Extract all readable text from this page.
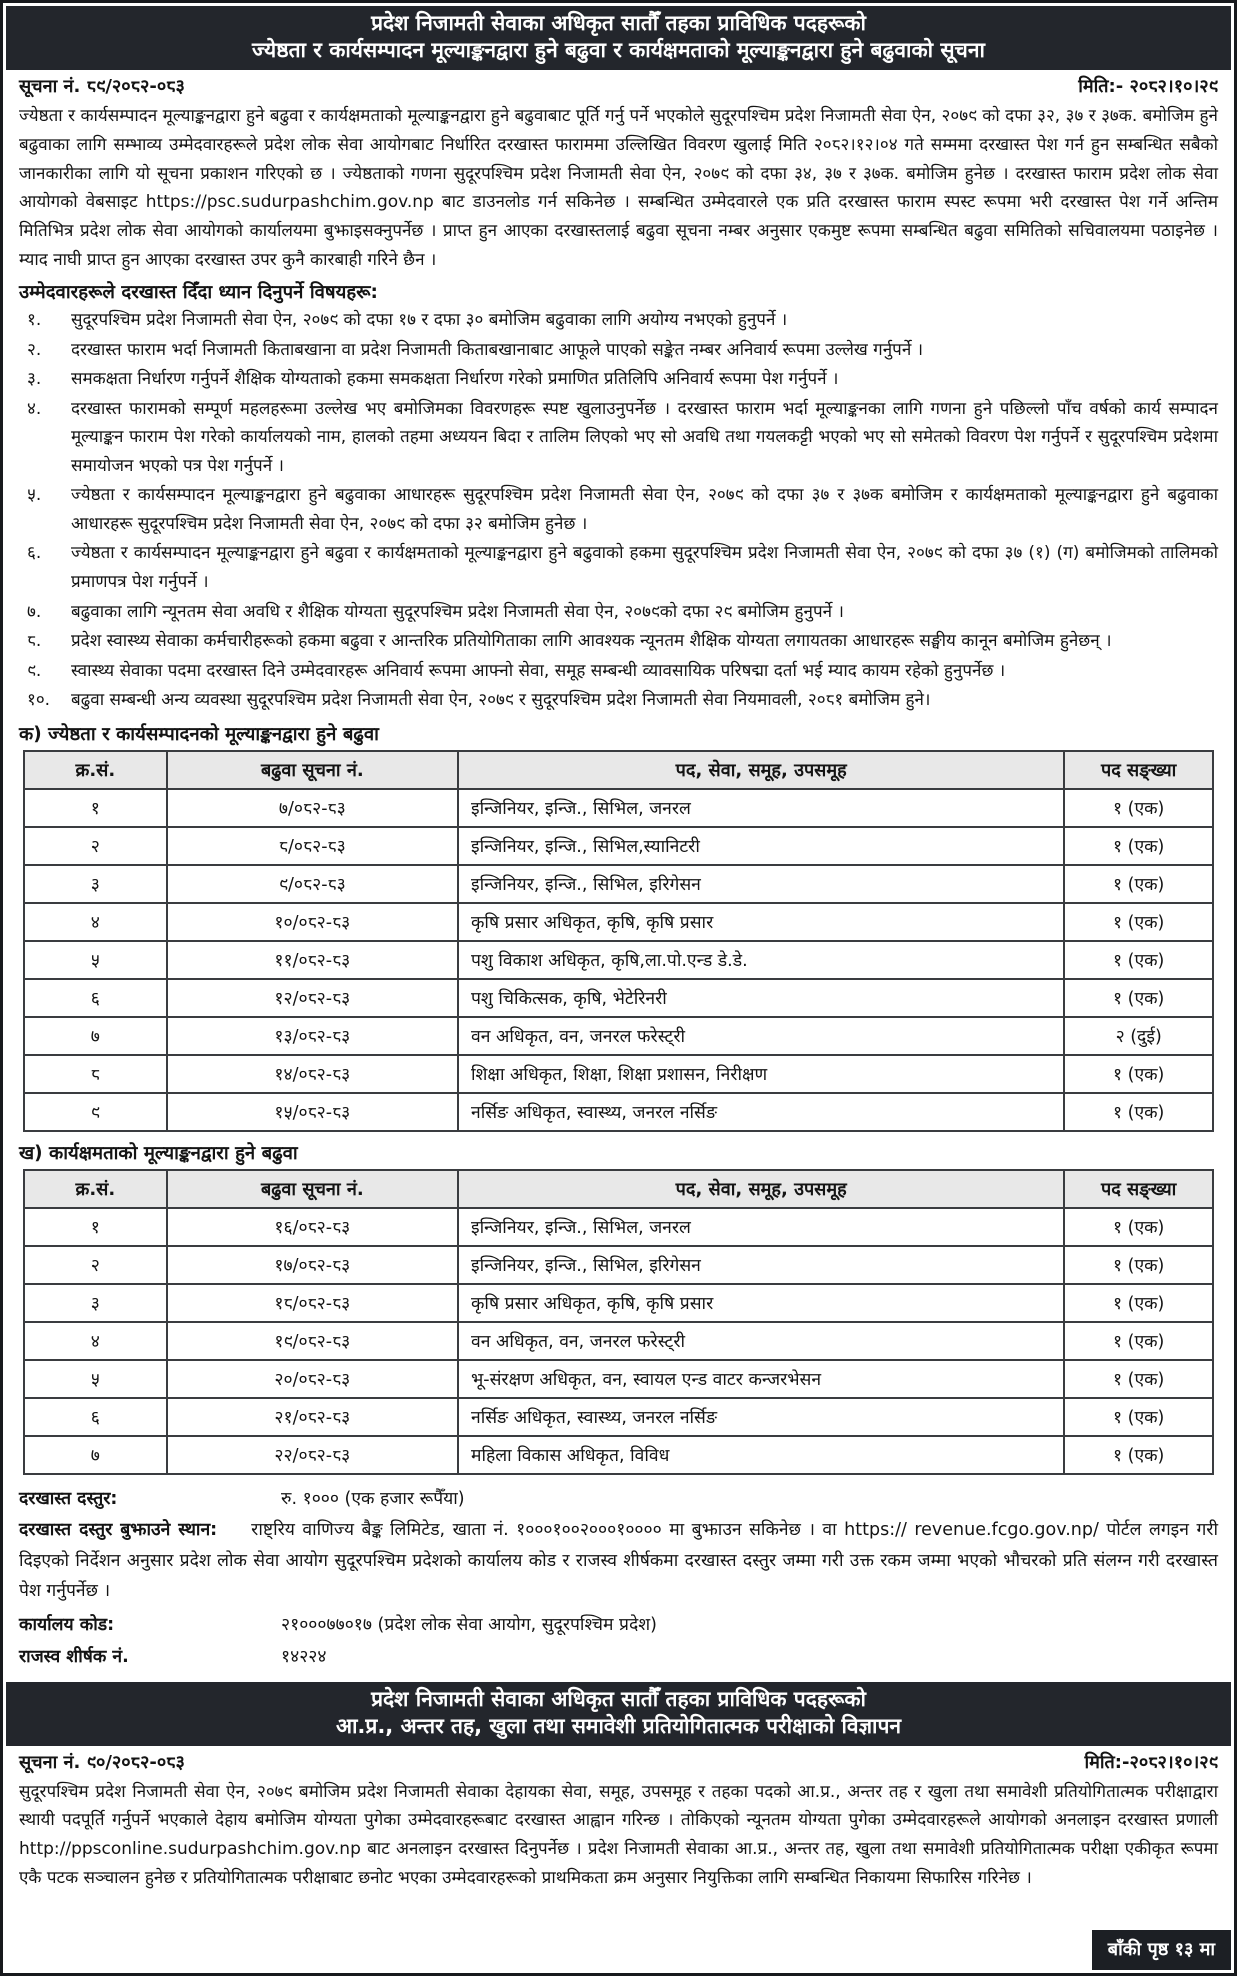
प्रदेश निजामती सेवाका अधिकृत सातौँ तहका प्राविधिक पदहरूको
ज्येष्ठता र कार्यसम्पादन मूल्याङ्कनद्वारा हुने बढुवा र कार्यक्षमताको मूल्याङ्कनद्वारा हुने बढुवाको सूचना
सूचना नं. ८९/२०८२-०८३	मिति:- २०८२।१०।२९

ज्येष्ठता र कार्यसम्पादन मूल्याङ्कनद्वारा हुने बढुवा र कार्यक्षमताको मूल्याङ्कनद्वारा हुने बढुवाबाट पूर्ति गर्नु पर्ने भएकोले सुदूरपश्चिम प्रदेश निजामती सेवा ऐन, २०७९ को दफा ३२, ३७ र ३७क. बमोजिम हुने बढुवाका लागि सम्भाव्य उम्मेदवारहरूले प्रदेश लोक सेवा आयोगबाट निर्धारित दरखास्त फाराममा उल्लिखित विवरण खुलाई मिति २०८२।१२।०४ गते सम्ममा दरखास्त पेश गर्न हुन सम्बन्धित सबैको जानकारीका लागि यो सूचना प्रकाशन गरिएको छ । ज्येष्ठताको गणना सुदूरपश्चिम प्रदेश निजामती सेवा ऐन, २०७९ को दफा ३४, ३७ र ३७क. बमोजिम हुनेछ । दरखास्त फाराम प्रदेश लोक सेवा आयोगको वेबसाइट https://psc.sudurpashchim.gov.np बाट डाउनलोड गर्न सकिनेछ । सम्बन्धित उम्मेदवारले एक प्रति दरखास्त फाराम स्पस्ट रूपमा भरी दरखास्त पेश गर्ने अन्तिम मितिभित्र प्रदेश लोक सेवा आयोगको कार्यालयमा बुझाइसक्नुपर्नेछ । प्राप्त हुन आएका दरखास्तलाई बढुवा सूचना नम्बर अनुसार एकमुष्ट रूपमा सम्बन्धित बढुवा समितिको सचिवालयमा पठाइनेछ । म्याद नाघी प्राप्त हुन आएका दरखास्त उपर कुनै कारबाही गरिने छैन ।

उम्मेदवारहरूले दरखास्त दिँदा ध्यान दिनुपर्ने विषयहरू:
१.	सुदूरपश्चिम प्रदेश निजामती सेवा ऐन, २०७९ को दफा १७ र दफा ३० बमोजिम बढुवाका लागि अयोग्य नभएको हुनुपर्ने ।
२.	दरखास्त फाराम भर्दा निजामती किताबखाना वा प्रदेश निजामती किताबखानाबाट आफूले पाएको सङ्केत नम्बर अनिवार्य रूपमा उल्लेख गर्नुपर्ने ।
३.	समकक्षता निर्धारण गर्नुपर्ने शैक्षिक योग्यताको हकमा समकक्षता निर्धारण गरेको प्रमाणित प्रतिलिपि अनिवार्य रूपमा पेश गर्नुपर्ने ।
४.	दरखास्त फारामको सम्पूर्ण महलहरूमा उल्लेख भए बमोजिमका विवरणहरू स्पष्ट खुलाउनुपर्नेछ । दरखास्त फाराम भर्दा मूल्याङ्कनका लागि गणना हुने पछिल्लो पाँच वर्षको कार्य सम्पादन मूल्याङ्कन फाराम पेश गरेको कार्यालयको नाम, हालको तहमा अध्ययन बिदा र तालिम लिएको भए सो अवधि तथा गयलकट्टी भएको भए सो समेतको विवरण पेश गर्नुपर्ने र सुदूरपश्चिम प्रदेशमा समायोजन भएको पत्र पेश गर्नुपर्ने ।
५.	ज्येष्ठता र कार्यसम्पादन मूल्याङ्कनद्वारा हुने बढुवाका आधारहरू सुदूरपश्चिम प्रदेश निजामती सेवा ऐन, २०७९ को दफा ३७ र ३७क बमोजिम र कार्यक्षमताको मूल्याङ्कनद्वारा हुने बढुवाका आधारहरू सुदूरपश्चिम प्रदेश निजामती सेवा ऐन, २०७९ को दफा ३२ बमोजिम हुनेछ ।
६.	ज्येष्ठता र कार्यसम्पादन मूल्याङ्कनद्वारा हुने बढुवा र कार्यक्षमताको मूल्याङ्कनद्वारा हुने बढुवाको हकमा सुदूरपश्चिम प्रदेश निजामती सेवा ऐन, २०७९ को दफा ३७ (१) (ग) बमोजिमको तालिमको प्रमाणपत्र पेश गर्नुपर्ने ।
७.	बढुवाका लागि न्यूनतम सेवा अवधि र शैक्षिक योग्यता सुदूरपश्चिम प्रदेश निजामती सेवा ऐन, २०७९को दफा २९ बमोजिम हुनुपर्ने ।
८.	प्रदेश स्वास्थ्य सेवाका कर्मचारीहरूको हकमा बढुवा र आन्तरिक प्रतियोगिताका लागि आवश्यक न्यूनतम शैक्षिक योग्यता लगायतका आधारहरू सङ्घीय कानून बमोजिम हुनेछन् ।
९.	स्वास्थ्य सेवाका पदमा दरखास्त दिने उम्मेदवारहरू अनिवार्य रूपमा आफ्नो सेवा, समूह सम्बन्धी व्यावसायिक परिषद्मा दर्ता भई म्याद कायम रहेको हुनुपर्नेछ ।
१०.	बढुवा सम्बन्धी अन्य व्यवस्था सुदूरपश्चिम प्रदेश निजामती सेवा ऐन, २०७९ र सुदूरपश्चिम प्रदेश निजामती सेवा नियमावली, २०८१ बमोजिम हुने।
क) ज्येष्ठता र कार्यसम्पादनको मूल्याङ्कनद्वारा हुने बढुवा
क्र.सं.	बढुवा सूचना नं.	पद, सेवा, समूह, उपसमूह	पद सङ्ख्या
१	७/०८२-८३	इन्जिनियर, इन्जि., सिभिल, जनरल	१ (एक)
२	८/०८२-८३	इन्जिनियर, इन्जि., सिभिल,स्यानिटरी	१ (एक)
३	९/०८२-८३	इन्जिनियर, इन्जि., सिभिल, इरिगेसन	१ (एक)
४	१०/०८२-८३	कृषि प्रसार अधिकृत, कृषि, कृषि प्रसार	१ (एक)
५	११/०८२-८३	पशु विकाश अधिकृत, कृषि,ला.पो.एन्ड डे.डे.	१ (एक)
६	१२/०८२-८३	पशु चिकित्सक, कृषि, भेटेरिनरी	१ (एक)
७	१३/०८२-८३	वन अधिकृत, वन, जनरल फरेस्ट्री	२ (दुई)
८	१४/०८२-८३	शिक्षा अधिकृत, शिक्षा, शिक्षा प्रशासन, निरीक्षण	१ (एक)
९	१५/०८२-८३	नर्सिङ अधिकृत, स्वास्थ्य, जनरल नर्सिङ	१ (एक)
ख) कार्यक्षमताको मूल्याङ्कनद्वारा हुने बढुवा
क्र.सं.	बढुवा सूचना नं.	पद, सेवा, समूह, उपसमूह	पद सङ्ख्या
१	१६/०८२-८३	इन्जिनियर, इन्जि., सिभिल, जनरल	१ (एक)
२	१७/०८२-८३	इन्जिनियर, इन्जि., सिभिल, इरिगेसन	१ (एक)
३	१८/०८२-८३	कृषि प्रसार अधिकृत, कृषि, कृषि प्रसार	१ (एक)
४	१९/०८२-८३	वन अधिकृत, वन, जनरल फरेस्ट्री	१ (एक)
५	२०/०८२-८३	भू-संरक्षण अधिकृत, वन, स्वायल एन्ड वाटर कन्जरभेसन	१ (एक)
६	२१/०८२-८३	नर्सिङ अधिकृत, स्वास्थ्य, जनरल नर्सिङ	१ (एक)
७	२२/०८२-८३	महिला विकास अधिकृत, विविध	१ (एक)
दरखास्त दस्तुर:	रु. १००० (एक हजार रूपैँया)

दरखास्त दस्तुर बुझाउने स्थान: राष्ट्रिय वाणिज्य बैङ्क लिमिटेड, खाता नं. १०००१००२०००१०००० मा बुझाउन सकिनेछ । वा https:// revenue.fcgo.gov.np/ पोर्टल लगइन गरी दिइएको निर्देशन अनुसार प्रदेश लोक सेवा आयोग सुदूरपश्चिम प्रदेशको कार्यालय कोड र राजस्व शीर्षकमा दरखास्त दस्तुर जम्मा गरी उक्त रकम जम्मा भएको भौचरको प्रति संलग्न गरी दरखास्त पेश गर्नुपर्नेछ ।

कार्यालय कोड:	२१०००७७०१७ (प्रदेश लोक सेवा आयोग, सुदूरपश्चिम प्रदेश)
राजस्व शीर्षक नं.	१४२२४
प्रदेश निजामती सेवाका अधिकृत सातौँ तहका प्राविधिक पदहरूको
आ.प्र., अन्तर तह, खुला तथा समावेशी प्रतियोगितात्मक परीक्षाको विज्ञापन
सूचना नं. ९०/२०८२-०८३	मिति:-२०८२।१०।२९

सुदूरपश्चिम प्रदेश निजामती सेवा ऐन, २०७९ बमोजिम प्रदेश निजामती सेवाका देहायका सेवा, समूह, उपसमूह र तहका पदको आ.प्र., अन्तर तह र खुला तथा समावेशी प्रतियोगितात्मक परीक्षाद्वारा स्थायी पदपूर्ति गर्नुपर्ने भएकाले देहाय बमोजिम योग्यता पुगेका उम्मेदवारहरूबाट दरखास्त आह्वान गरिन्छ । तोकिएको न्यूनतम योग्यता पुगेका उम्मेदवारहरूले आयोगको अनलाइन दरखास्त प्रणाली http://ppsconline.sudurpashchim.gov.np बाट अनलाइन दरखास्त दिनुपर्नेछ । प्रदेश निजामती सेवाका आ.प्र., अन्तर तह, खुला तथा समावेशी प्रतियोगितात्मक परीक्षा एकीकृत रूपमा एकै पटक सञ्चालन हुनेछ र प्रतियोगितात्मक परीक्षाबाट छनोट भएका उम्मेदवारहरूको प्राथमिकता क्रम अनुसार नियुक्तिका लागि सम्बन्धित निकायमा सिफारिस गरिनेछ ।

बाँकी पृष्ठ १३ मा
